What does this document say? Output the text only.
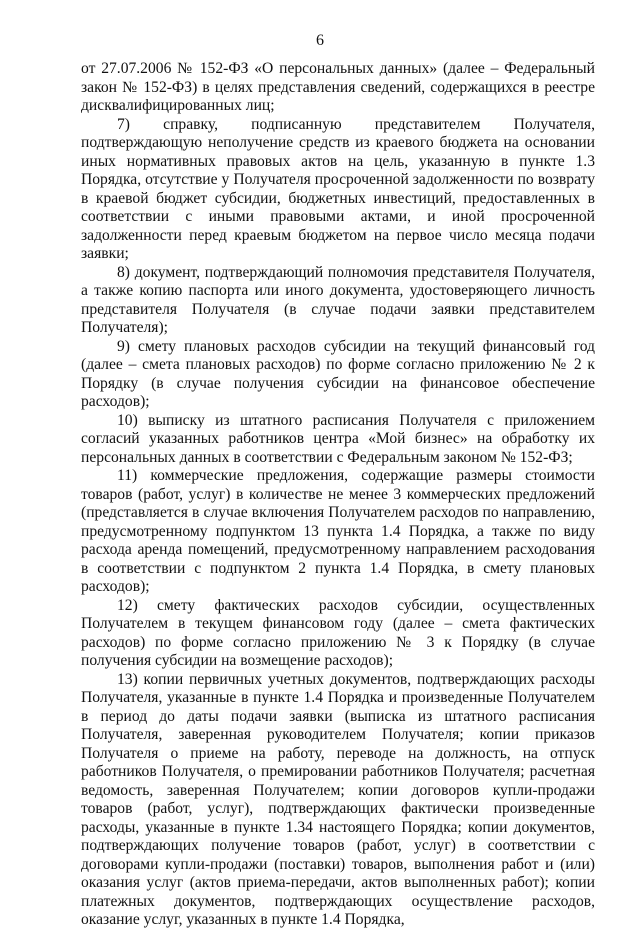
6

от 27.07.2006 № 152-ФЗ «О персональных данных» (далее – Федеральный закон № 152-ФЗ) в целях представления сведений, содержащихся в реестре дисквалифицированных лиц;

7) справку, подписанную представителем Получателя, подтверждающую неполучение средств из краевого бюджета на основании иных нормативных правовых актов на цель, указанную в пункте 1.3 Порядка, отсутствие у Получателя просроченной задолженности по возврату в краевой бюджет субсидии, бюджетных инвестиций, предоставленных в соответствии с иными правовыми актами, и иной просроченной задолженности перед краевым бюджетом на первое число месяца подачи заявки;

8) документ, подтверждающий полномочия представителя Получателя, а также копию паспорта или иного документа, удостоверяющего личность представителя Получателя (в случае подачи заявки представителем Получателя);

9) смету плановых расходов субсидии на текущий финансовый год (далее – смета плановых расходов) по форме согласно приложению № 2 к Порядку (в случае получения субсидии на финансовое обеспечение расходов);

10) выписку из штатного расписания Получателя с приложением согласий указанных работников центра «Мой бизнес» на обработку их персональных данных в соответствии с Федеральным законом № 152-ФЗ;

11) коммерческие предложения, содержащие размеры стоимости товаров (работ, услуг) в количестве не менее 3 коммерческих предложений (представляется в случае включения Получателем расходов по направлению, предусмотренному подпунктом 13 пункта 1.4 Порядка, а также по виду расхода аренда помещений, предусмотренному направлением расходования в соответствии с подпунктом 2 пункта 1.4 Порядка, в смету плановых расходов);

12) смету фактических расходов субсидии, осуществленных Получателем в текущем финансовом году (далее – смета фактических расходов) по форме согласно приложению № 3 к Порядку (в случае получения субсидии на возмещение расходов);

13) копии первичных учетных документов, подтверждающих расходы Получателя, указанные в пункте 1.4 Порядка и произведенные Получателем в период до даты подачи заявки (выписка из штатного расписания Получателя, заверенная руководителем Получателя; копии приказов Получателя о приеме на работу, переводе на должность, на отпуск работников Получателя, о премировании работников Получателя; расчетная ведомость, заверенная Получателем; копии договоров купли-продажи товаров (работ, услуг), подтверждающих фактически произведенные расходы, указанные в пункте 1.34 настоящего Порядка; копии документов, подтверждающих получение товаров (работ, услуг) в соответствии с договорами купли-продажи (поставки) товаров, выполнения работ и (или) оказания услуг (актов приема-передачи, актов выполненных работ); копии платежных документов, подтверждающих осуществление расходов, оказание услуг, указанных в пункте 1.4 Порядка,
